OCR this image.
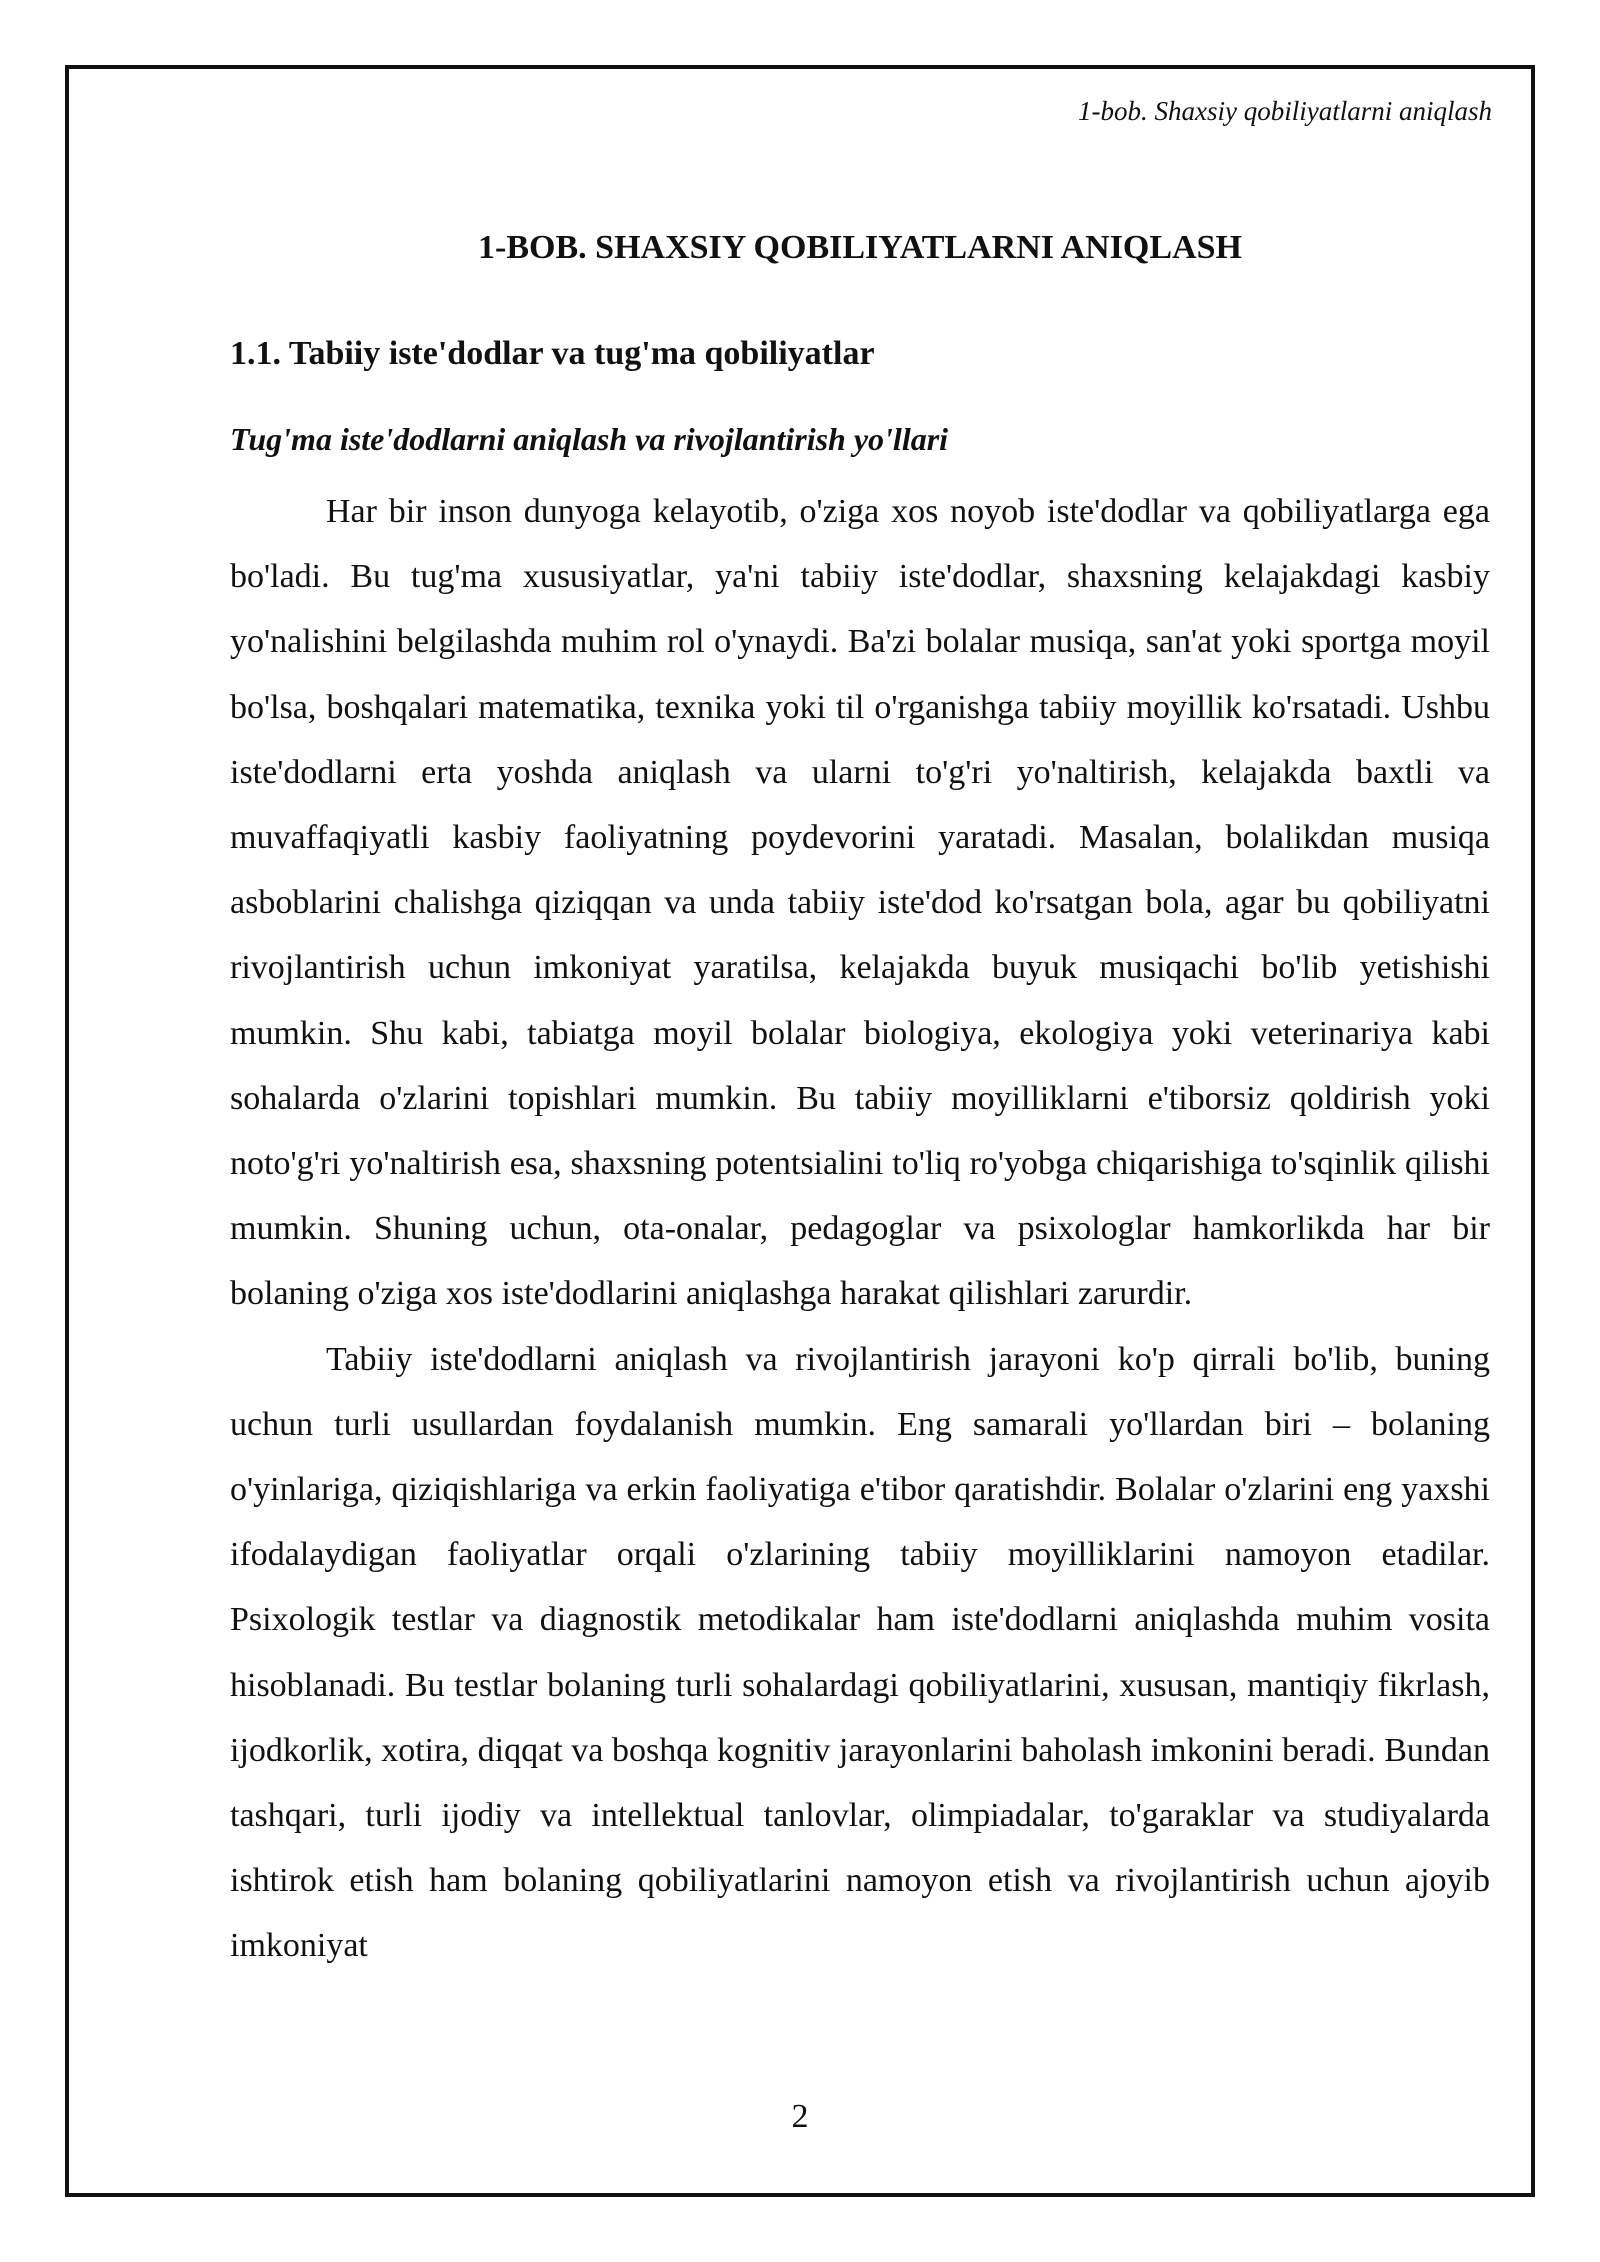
1-bob. Shaxsiy qobiliyatlarni aniqlash
1-BOB. SHAXSIY QOBILIYATLARNI ANIQLASH
1.1. Tabiiy iste'dodlar va tug'ma qobiliyatlar
Tug'ma iste'dodlarni aniqlash va rivojlantirish yo'llari

Har bir inson dunyoga kelayotib, o'ziga xos noyob iste'dodlar va qobiliyatlarga ega bo'ladi. Bu tug'ma xususiyatlar, ya'ni tabiiy iste'dodlar, shaxsning kelajakdagi kasbiy yo'nalishini belgilashda muhim rol o'ynaydi. Ba'zi bolalar musiqa, san'at yoki sportga moyil bo'lsa, boshqalari matematika, texnika yoki til o'rganishga tabiiy moyillik ko'rsatadi. Ushbu iste'dodlarni erta yoshda aniqlash va ularni to'g'ri yo'naltirish, kelajakda baxtli va muvaffaqiyatli kasbiy faoliyatning poydevorini yaratadi. Masalan, bolalikdan musiqa asboblarini chalishga qiziqqan va unda tabiiy iste'dod ko'rsatgan bola, agar bu qobiliyatni rivojlantirish uchun imkoniyat yaratilsa, kelajakda buyuk musiqachi bo'lib yetishishi mumkin. Shu kabi, tabiatga moyil bolalar biologiya, ekologiya yoki veterinariya kabi sohalarda o'zlarini topishlari mumkin. Bu tabiiy moyilliklarni e'tiborsiz qoldirish yoki noto'g'ri yo'naltirish esa, shaxsning potentsialini to'liq ro'yobga chiqarishiga to'sqinlik qilishi mumkin. Shuning uchun, ota-onalar, pedagoglar va psixologlar hamkorlikda har bir bolaning o'ziga xos iste'dodlarini aniqlashga harakat qilishlari zarurdir.

Tabiiy iste'dodlarni aniqlash va rivojlantirish jarayoni ko'p qirrali bo'lib, buning uchun turli usullardan foydalanish mumkin. Eng samarali yo'llardan biri – bolaning o'yinlariga, qiziqishlariga va erkin faoliyatiga e'tibor qaratishdir. Bolalar o'zlarini eng yaxshi ifodalaydigan faoliyatlar orqali o'zlarining tabiiy moyilliklarini namoyon etadilar. Psixologik testlar va diagnostik metodikalar ham iste'dodlarni aniqlashda muhim vosita hisoblanadi. Bu testlar bolaning turli sohalardagi qobiliyatlarini, xususan, mantiqiy fikrlash, ijodkorlik, xotira, diqqat va boshqa kognitiv jarayonlarini baholash imkonini beradi. Bundan tashqari, turli ijodiy va intellektual tanlovlar, olimpiadalar, to'garaklar va studiyalarda ishtirok etish ham bolaning qobiliyatlarini namoyon etish va rivojlantirish uchun ajoyib imkoniyat

2
